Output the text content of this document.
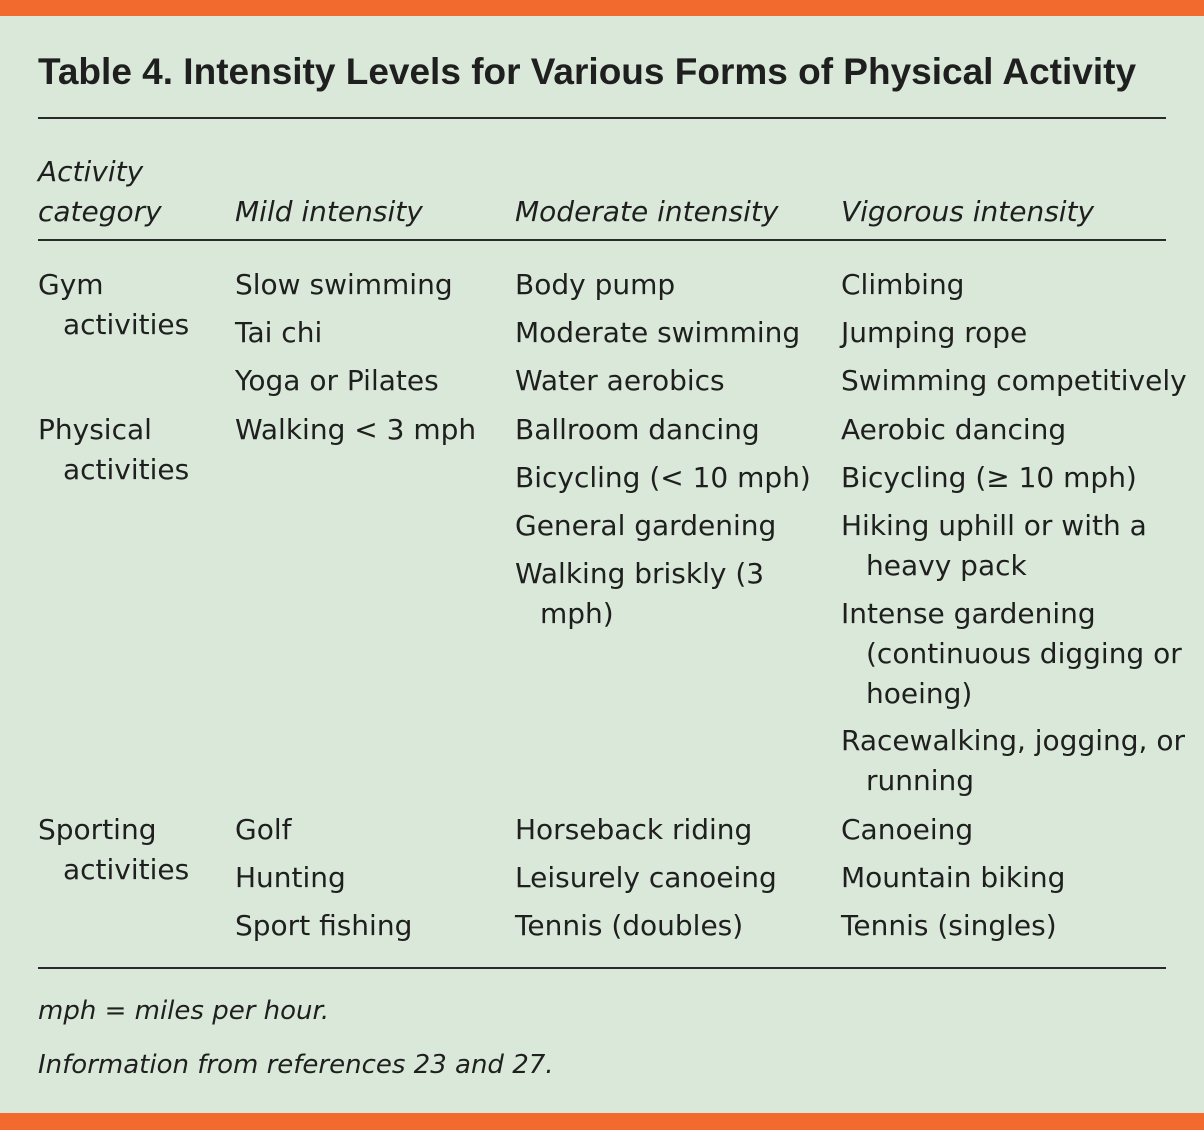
Table 4. Intensity Levels for Various Forms of Physical Activity
Activity category	Mild intensity	Moderate intensity Vigorous intensity
Gym activities
Slow swimming
Tai chi
Yoga or Pilates
Body pump
Moderate swimming
Water aerobics
Climbing
Jumping rope
Swimming competitively
Physical activities
Walking < 3 mph Ballroom dancing
Bicycling (< 10 mph)
General gardening
Walking briskly (3 mph)
Aerobic dancing
Bicycling (≥ 10 mph)
Hiking uphill or with a heavy pack
Intense gardening (continuous digging or hoeing)
Racewalking, jogging, or running
Sporting activities
Golf
Hunting
Sport fishing
Horseback riding
Leisurely canoeing
Tennis (doubles)
Canoeing
Mountain biking
Tennis (singles)
mph = miles per hour.
Information from references 23 and 27.
